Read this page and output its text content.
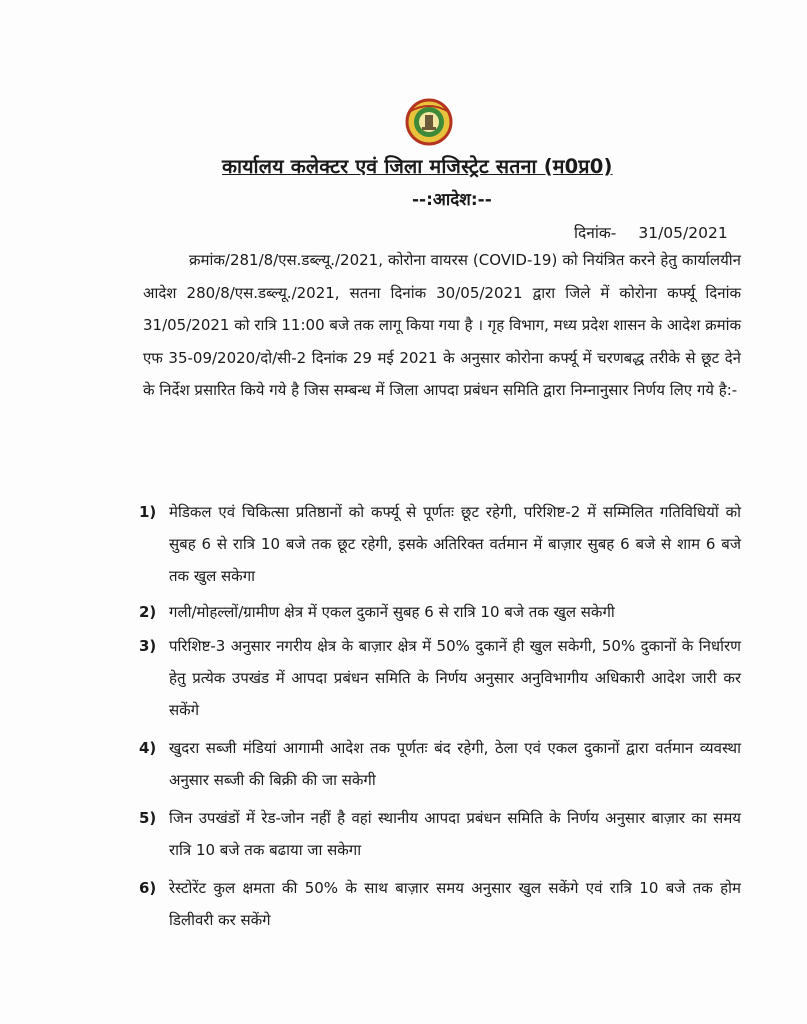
कार्यालय कलेक्टर एवं जिला मजिस्ट्रेट सतना (म0प्र0)
--:आदेश:--
दिनांक- 31/05/2021

क्रमांक/281/8/एस.डब्ल्यू./2021, कोरोना वायरस (COVID-19) को नियंत्रित करने हेतु कार्यालयीन आदेश 280/8/एस.डब्ल्यू./2021, सतना दिनांक 30/05/2021 द्वारा जिले में कोरोना कर्फ्यू दिनांक 31/05/2021 को रात्रि 11:00 बजे तक लागू किया गया है । गृह विभाग, मध्य प्रदेश शासन के आदेश क्रमांक एफ 35-09/2020/दो/सी-2 दिनांक 29 मई 2021 के अनुसार कोरोना कर्फ्यू में चरणबद्ध तरीके से छूट देने के निर्देश प्रसारित किये गये है जिस सम्बन्ध में जिला आपदा प्रबंधन समिति द्वारा निम्नानुसार निर्णय लिए गये है:-

1) मेडिकल एवं चिकित्सा प्रतिष्ठानों को कर्फ्यू से पूर्णतः छूट रहेगी, परिशिष्ट-2 में सम्मिलित गतिविधियों को सुबह 6 से रात्रि 10 बजे तक छूट रहेगी, इसके अतिरिक्त वर्तमान में बाज़ार सुबह 6 बजे से शाम 6 बजे तक खुल सकेगा
2) गली/मोहल्लों/ग्रामीण क्षेत्र में एकल दुकानें सुबह 6 से रात्रि 10 बजे तक खुल सकेगी
3) परिशिष्ट-3 अनुसार नगरीय क्षेत्र के बाज़ार क्षेत्र में 50% दुकानें ही खुल सकेगी, 50% दुकानों के निर्धारण हेतु प्रत्येक उपखंड में आपदा प्रबंधन समिति के निर्णय अनुसार अनुविभागीय अधिकारी आदेश जारी कर सकेंगे
4) खुदरा सब्जी मंडियां आगामी आदेश तक पूर्णतः बंद रहेगी, ठेला एवं एकल दुकानों द्वारा वर्तमान व्यवस्था अनुसार सब्जी की बिक्री की जा सकेगी
5) जिन उपखंडों में रेड-जोन नहीं है वहां स्थानीय आपदा प्रबंधन समिति के निर्णय अनुसार बाज़ार का समय रात्रि 10 बजे तक बढाया जा सकेगा
6) रेस्टोरेंट कुल क्षमता की 50% के साथ बाज़ार समय अनुसार खुल सकेंगे एवं रात्रि 10 बजे तक होम डिलीवरी कर सकेंगे
